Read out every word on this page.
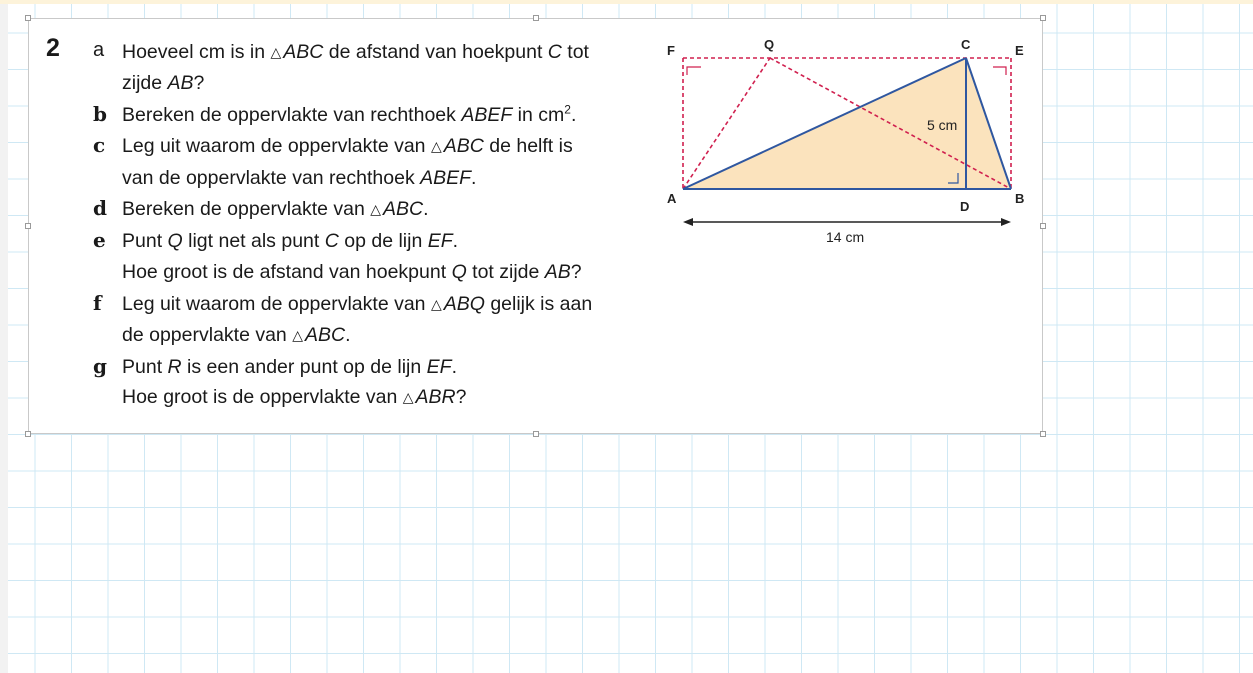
2 a Hoeveel cm is in △ ABC de afstand van hoekpunt C tot
zijde AB?
b Bereken de oppervlakte van rechthoek ABEF in $cm^2$.
c Leg uit waarom de oppervlakte van △ ABC de helft is
van de oppervlakte van rechthoek ABEF.
d Bereken de oppervlakte van △ ABC.
e Punt Q ligt net als punt C op de lijn EF.
Hoe groot is de afstand van hoekpunt Q tot zijde AB?
f	Leg uit waarom de oppervlakte van △ ABQ gelijk is aan
de oppervlakte van △ ABC.
g Punt R is een ander punt op de lijn EF.
Hoe groot is de oppervlakte van △ ABR?
F	Q	C	E
A
D
B
5 cm
14 cm
